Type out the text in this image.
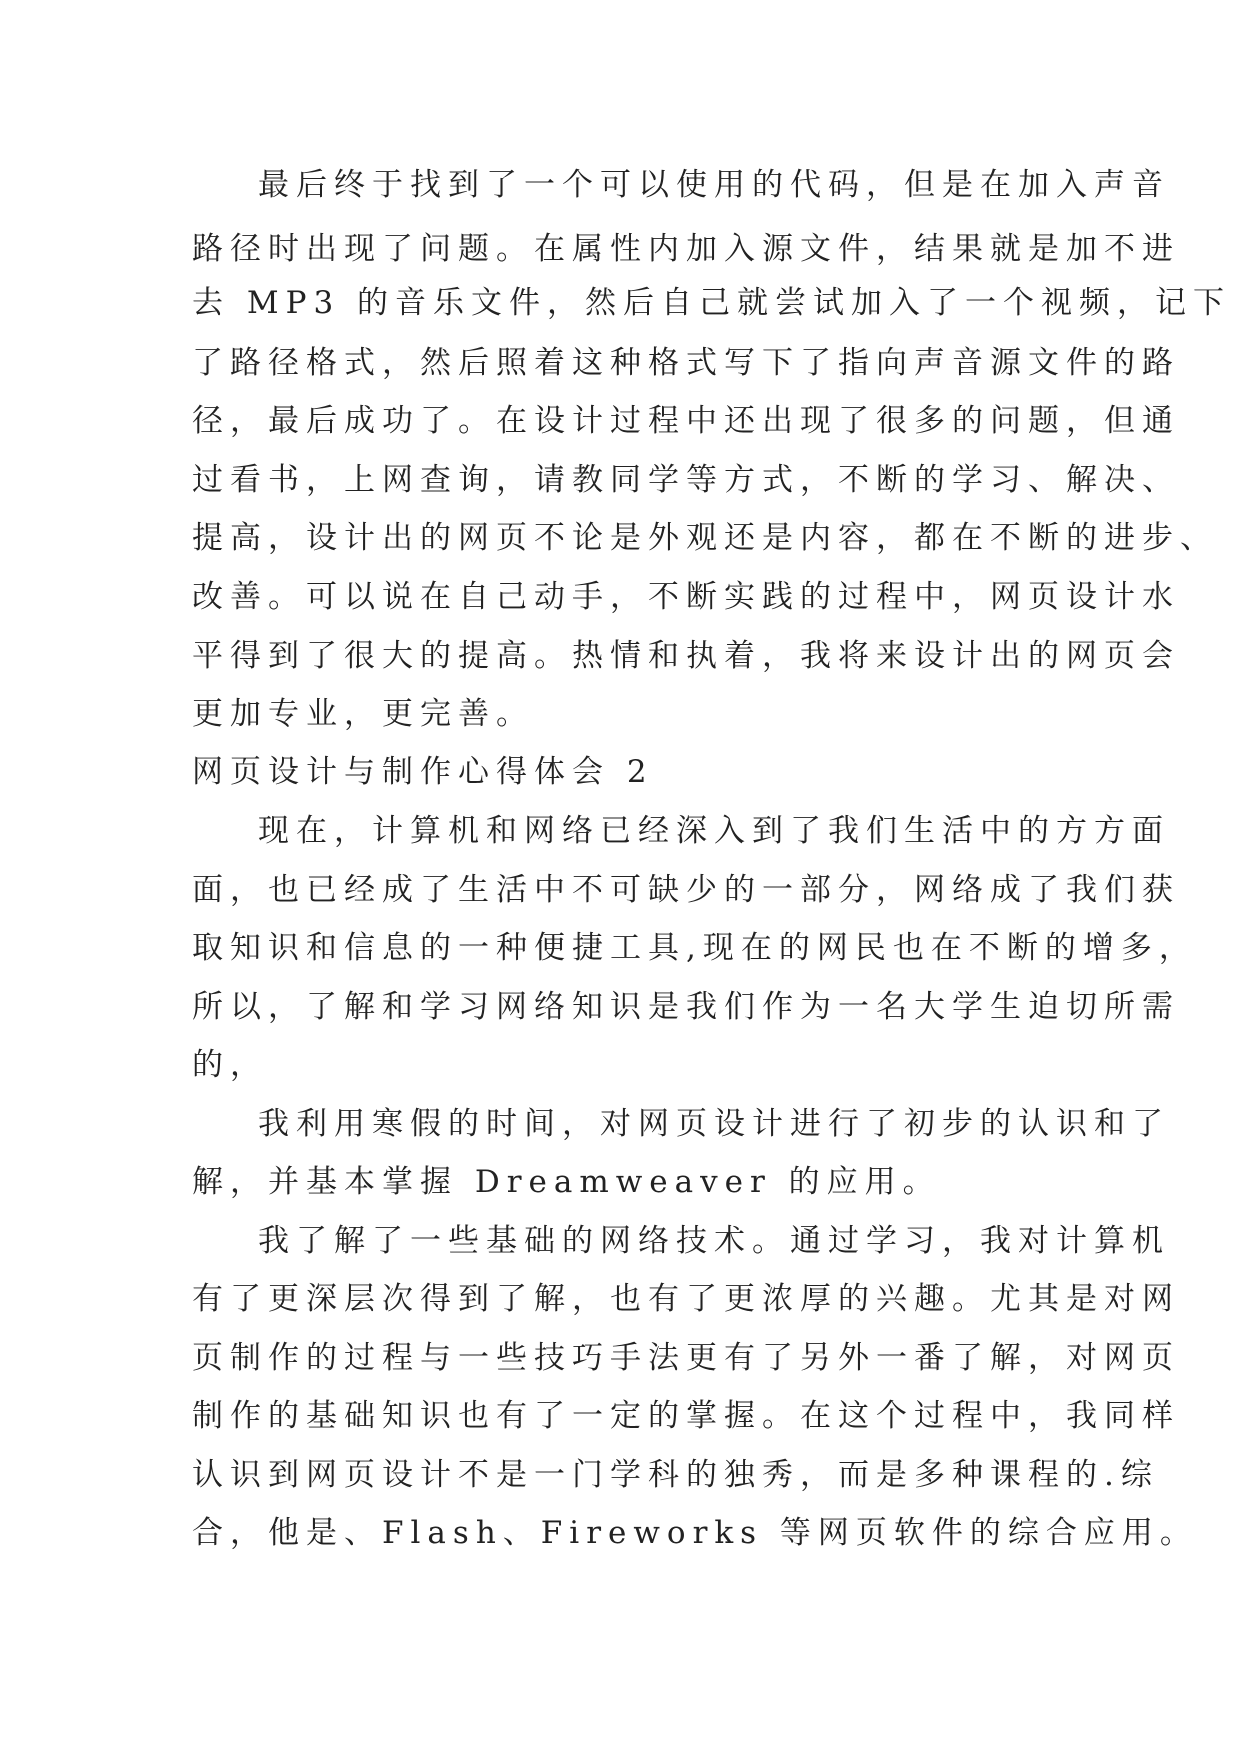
最后终于找到了一个可以使用的代码，但是在加入声音
路径时出现了问题。在属性内加入源文件，结果就是加不进
去 MP3 的音乐文件，然后自己就尝试加入了一个视频，记下
了路径格式，然后照着这种格式写下了指向声音源文件的路
径，最后成功了。在设计过程中还出现了很多的问题，但通
过看书，上网查询，请教同学等方式，不断的学习、解决、
提高，设计出的网页不论是外观还是内容，都在不断的进步、
改善。可以说在自己动手，不断实践的过程中，网页设计水
平得到了很大的提高。热情和执着，我将来设计出的网页会
更加专业，更完善。
网页设计与制作心得体会 2
现在，计算机和网络已经深入到了我们生活中的方方面
面，也已经成了生活中不可缺少的一部分，网络成了我们获
取知识和信息的一种便捷工具,现在的网民也在不断的增多，
所以，了解和学习网络知识是我们作为一名大学生迫切所需
的，
我利用寒假的时间，对网页设计进行了初步的认识和了
解，并基本掌握 Dreamweaver 的应用。
我了解了一些基础的网络技术。通过学习，我对计算机
有了更深层次得到了解，也有了更浓厚的兴趣。尤其是对网
页制作的过程与一些技巧手法更有了另外一番了解，对网页
制作的基础知识也有了一定的掌握。在这个过程中，我同样
认识到网页设计不是一门学科的独秀，而是多种课程的.综
合，他是、Flash、Fireworks 等网页软件的综合应用。
